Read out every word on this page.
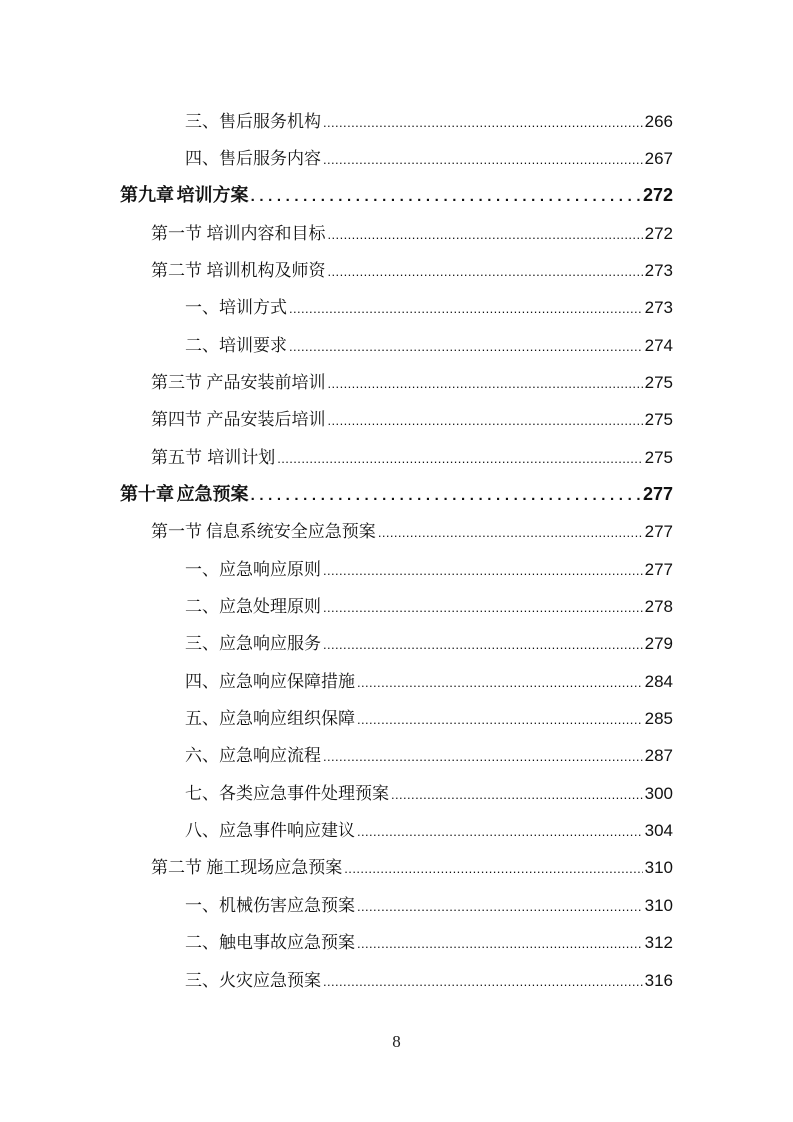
三、 售后服务机构 .....	266
四、 售后服务内容 .....	267
第九章 培训方案 .....	272
第一节 培训内容和目标 .....	272
第二节 培训机构及师资 .....	273
一、 培训方式 .....	273
二、 培训要求 .....	274
第三节 产品安装前培训 .....	275
第四节 产品安装后培训 .....	275
第五节 培训计划 .....	275
第十章 应急预案 .....	277
第一节 信息系统安全应急预案 .....	277
一、 应急响应原则 .....	277
二、 应急处理原则 .....	278
三、 应急响应服务 .....	279
四、 应急响应保障措施 .....	284
五、 应急响应组织保障 .....	285
六、 应急响应流程 .....	287
七、 各类应急事件处理预案 .....	300
八、 应急事件响应建议 .....	304
第二节 施工现场应急预案 .....	310
一、 机械伤害应急预案 .....	310
二、 触电事故应急预案 .....	312
三、 火灾应急预案 .....	316
8
